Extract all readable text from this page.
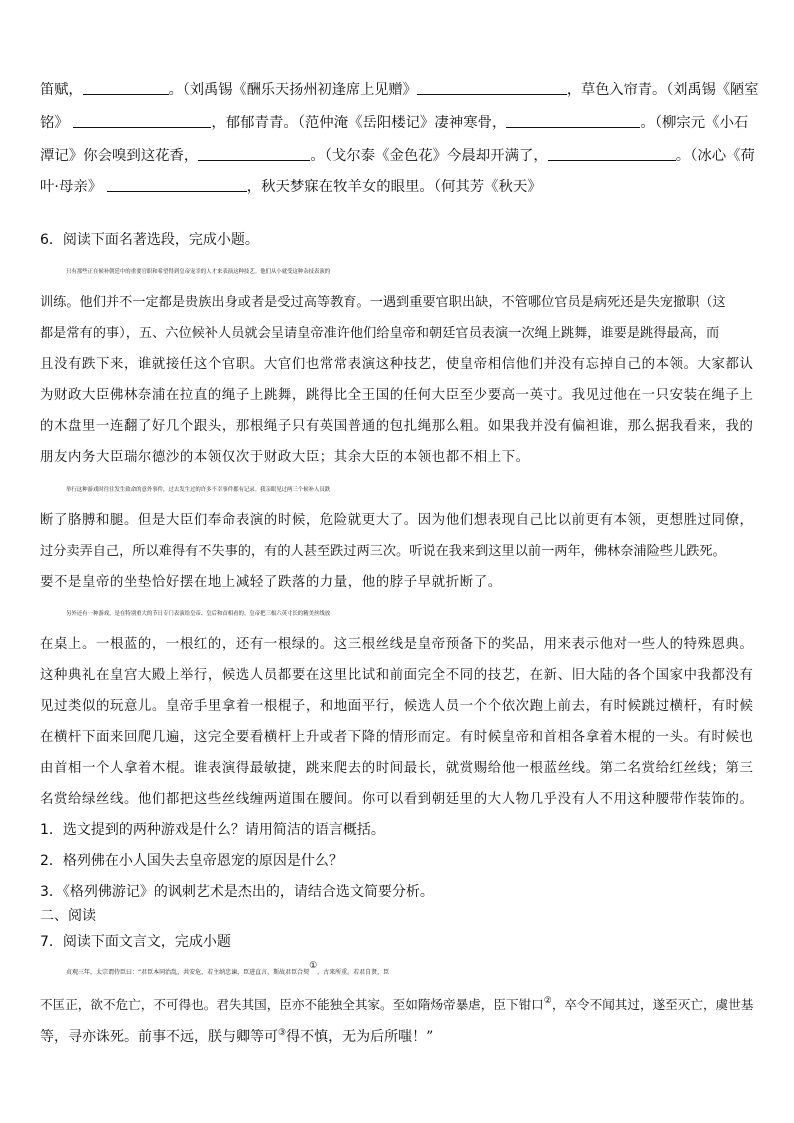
笛赋，	。（刘禹锡《酬乐天扬州初逢席上见赠》	，草色入帘青。（刘禹锡《陋室
铭》	，郁郁青青。（范仲淹《岳阳楼记》凄神寒骨，	。（柳宗元《小石
潭记》你会嗅到这花香，	。（戈尔泰《金色花》今晨却开满了，	。（冰心《荷
叶·母亲》	，秋天梦寐在牧羊女的眼里。（何其芳《秋天》
6．阅读下面名著选段，完成小题。
只有那些正在候补朝廷中的重要官职和希望得到皇帝宠幸的人才来表演这种技艺。他们从小就受这种杂技表演的
训练。他们并不一定都是贵族出身或者是受过高等教育。一遇到重要官职出缺，不管哪位官员是病死还是失宠撤职（这
都是常有的事），五、六位候补人员就会呈请皇帝准许他们给皇帝和朝廷官员表演一次绳上跳舞，谁要是跳得最高，而
且没有跌下来，谁就接任这个官职。大官们也常常表演这种技艺，使皇帝相信他们并没有忘掉自己的本领。大家都认
为财政大臣佛林奈浦在拉直的绳子上跳舞，跳得比全王国的任何大臣至少要高一英寸。我见过他在一只安装在绳子上
的木盘里一连翻了好几个跟头，那根绳子只有英国普通的包扎绳那么粗。如果我并没有偏袒谁，那么据我看来，我的
朋友内务大臣瑞尔德沙的本领仅次于财政大臣；其余大臣的本领也都不相上下。
举行这种游戏时往往发生致命的意外事件，过去发生过的许多不幸事件都有记录。我亲眼见过两三个候补人员跌
断了胳膊和腿。但是大臣们奉命表演的时候，危险就更大了。因为他们想表现自己比以前更有本领，更想胜过同僚，
过分卖弄自己，所以难得有不失事的，有的人甚至跌过两三次。听说在我来到这里以前一两年，佛林奈浦险些儿跌死。
要不是皇帝的坐垫恰好摆在地上减轻了跌落的力量，他的脖子早就折断了。
另外还有一种游戏，是在特别重大的节日专门表演给皇帝、皇后和首相看的。皇帝把三根六英寸长的精美丝线放
在桌上。一根蓝的，一根红的，还有一根绿的。这三根丝线是皇帝预备下的奖品，用来表示他对一些人的特殊恩典。
这种典礼在皇宫大殿上举行，候选人员都要在这里比试和前面完全不同的技艺，在新、旧大陆的各个国家中我都没有
见过类似的玩意儿。皇帝手里拿着一根棍子，和地面平行，候选人员一个个依次跑上前去，有时候跳过横杆，有时候
在横杆下面来回爬几遍，这完全要看横杆上升或者下降的情形而定。有时候皇帝和首相各拿着木棍的一头。有时候也
由首相一个人拿着木棍。谁表演得最敏捷，跳来爬去的时间最长，就赏赐给他一根蓝丝线。第二名赏给红丝线；第三
名赏给绿丝线。他们都把这些丝线缠两道围在腰间。你可以看到朝廷里的大人物几乎没有人不用这种腰带作装饰的。
1．选文提到的两种游戏是什么？请用简洁的语言概括。
2．格列佛在小人国失去皇帝恩宠的原因是什么？
3．《格列佛游记》的讽刺艺术是杰出的，请结合选文简要分析。
二、阅读
7．阅读下面文言文，完成小题
贞观三年，太宗谓侍臣曰：“君臣本同治乱，共安危，若主纳忠谏，臣进直言，斯故君臣合契①，古来所重。若君自贤，臣
不匡正，欲不危亡，不可得也。君失其国，臣亦不能独全其家。至如隋炀帝暴虐，臣下钳口②，卒令不闻其过，遂至灭亡，虞世基
等，寻亦诛死。前事不远，朕与卿等可③得不慎，无为后所嗤！”
